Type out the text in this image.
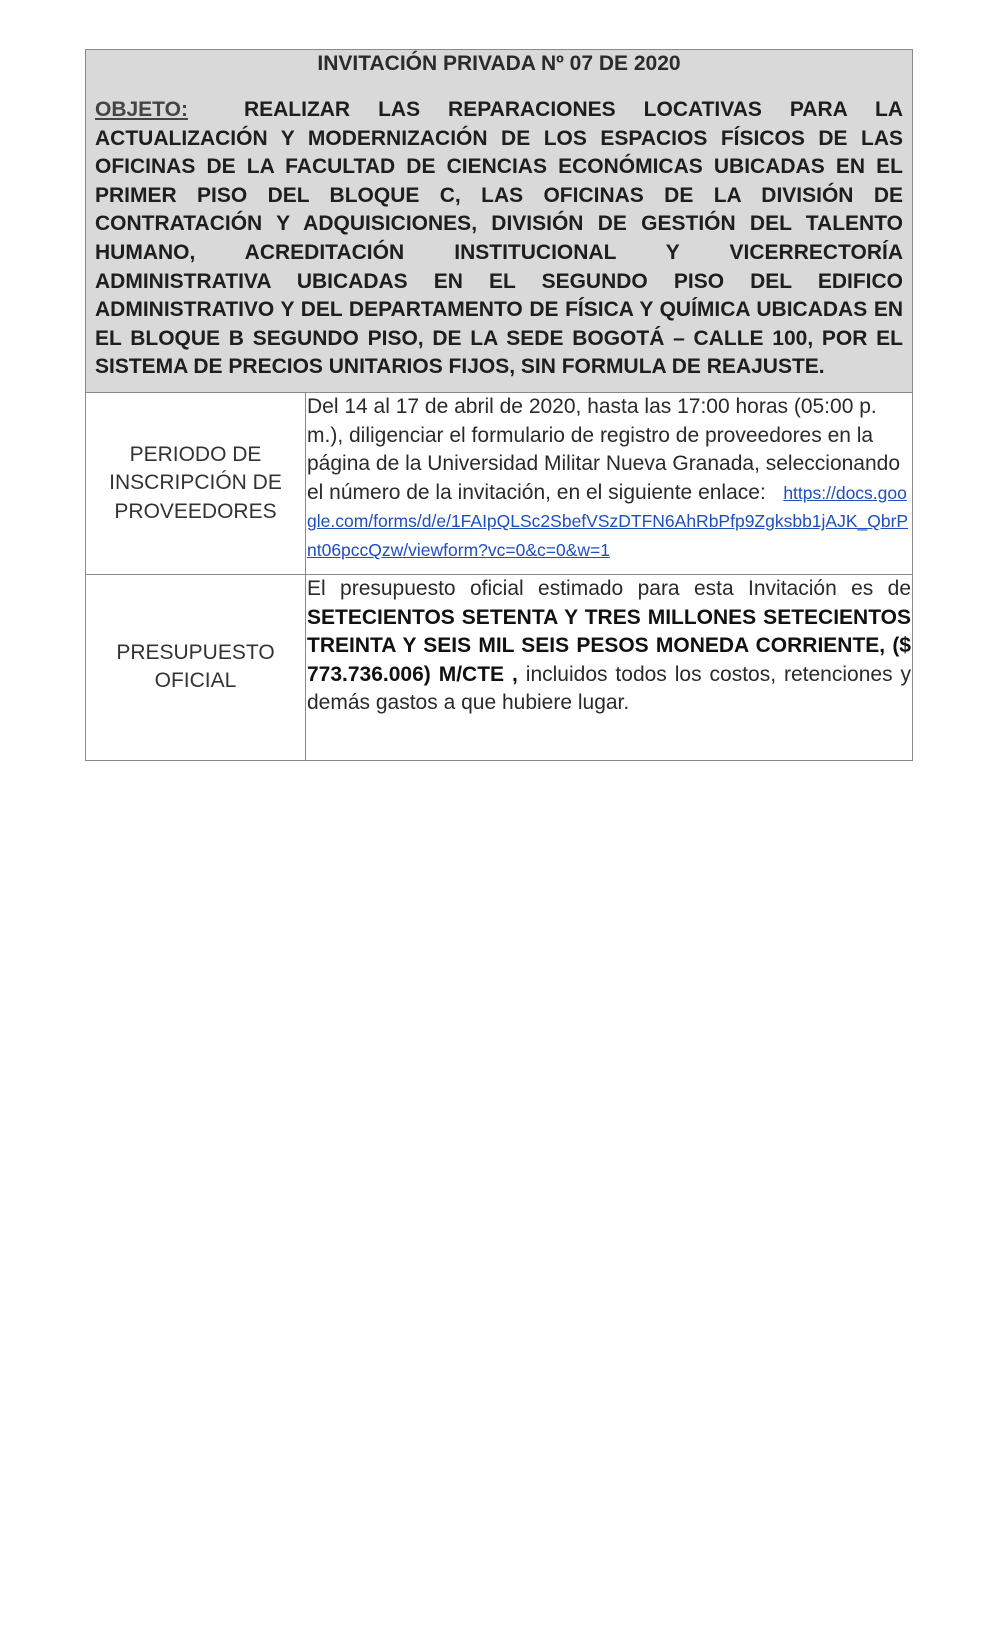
INVITACIÓN PRIVADA Nº 07 DE 2020

OBJETO:	REALIZAR LAS REPARACIONES LOCATIVAS PARA LA ACTUALIZACIÓN Y MODERNIZACIÓN DE LOS ESPACIOS FÍSICOS DE LAS OFICINAS DE LA FACULTAD DE CIENCIAS ECONÓMICAS UBICADAS EN EL PRIMER PISO DEL BLOQUE C, LAS OFICINAS DE LA DIVISIÓN DE CONTRATACIÓN Y ADQUISICIONES, DIVISIÓN DE GESTIÓN DEL TALENTO HUMANO, ACREDITACIÓN INSTITUCIONAL Y VICERRECTORÍA ADMINISTRATIVA UBICADAS EN EL SEGUNDO PISO DEL EDIFICO ADMINISTRATIVO Y DEL DEPARTAMENTO DE FÍSICA Y QUÍMICA UBICADAS EN EL BLOQUE B SEGUNDO PISO, DE LA SEDE BOGOTÁ – CALLE 100, POR EL SISTEMA DE PRECIOS UNITARIOS FIJOS, SIN FORMULA DE REAJUSTE.

PERIODO DE
INSCRIPCIÓN DE
PROVEEDORES
Del 14 al 17 de abril de 2020, hasta las 17:00 horas (05:00 p. m.), diligenciar el formulario de registro de proveedores en la página de la Universidad Militar Nueva Granada, seleccionando el número de la invitación, en el siguiente enlace: https://docs.google.com/forms/d/e/1FAIpQLSc2SbefVSzDTFN6AhRbPfp9Zgksbb1jAJK_QbrPnt06pccQzw/viewform?vc=0&c=0&w=1
PRESUPUESTO
OFICIAL
El presupuesto oficial estimado para esta Invitación es de SETECIENTOS SETENTA Y TRES MILLONES SETECIENTOS TREINTA Y SEIS MIL SEIS PESOS MONEDA CORRIENTE, ($ 773.736.006) M/CTE , incluidos todos los costos, retenciones y demás gastos a que hubiere lugar.
